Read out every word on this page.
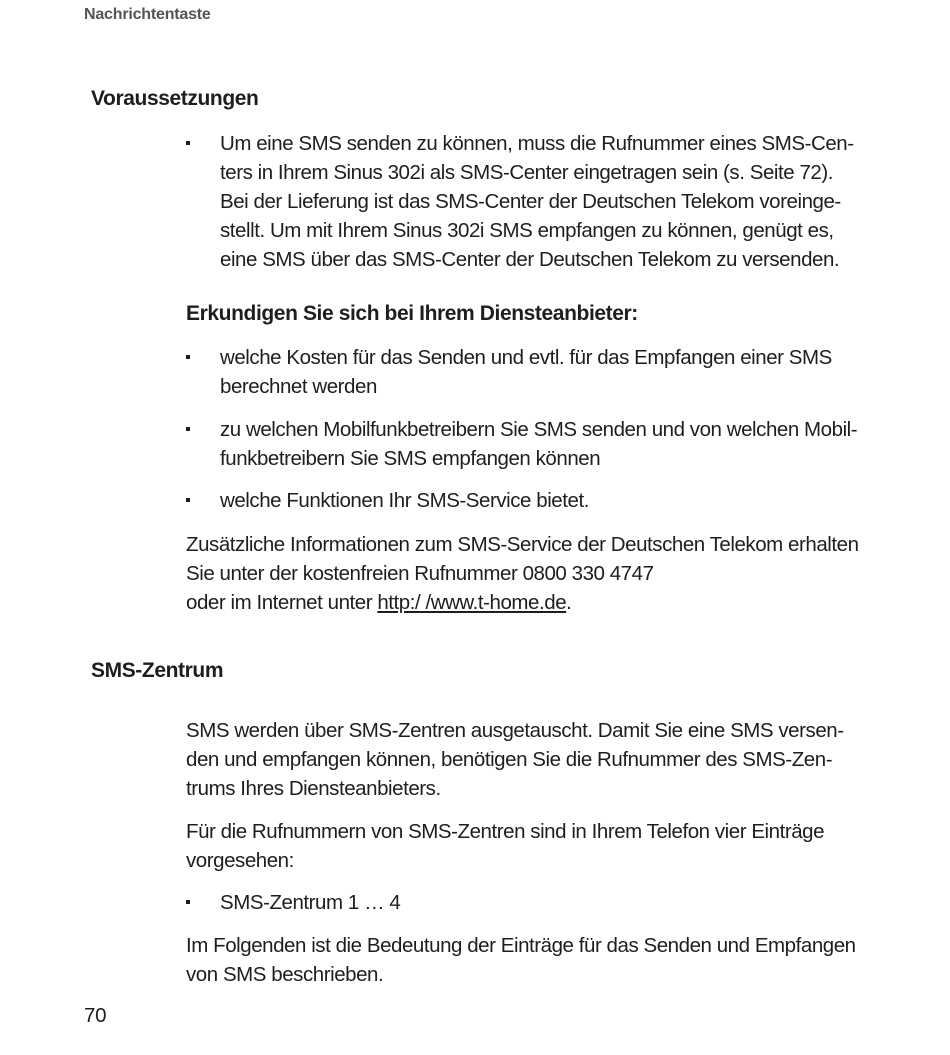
Nachrichtentaste
Voraussetzungen
Um eine SMS senden zu können, muss die Rufnummer eines SMS-Cen-
ters in Ihrem Sinus 302i als SMS-Center eingetragen sein (s. Seite 72).
Bei der Lieferung ist das SMS-Center der Deutschen Telekom voreinge-
stellt. Um mit Ihrem Sinus 302i SMS empfangen zu können, genügt es,
eine SMS über das SMS-Center der Deutschen Telekom zu versenden.
Erkundigen Sie sich bei Ihrem Diensteanbieter:
welche Kosten für das Senden und evtl. für das Empfangen einer SMS
berechnet werden
zu welchen Mobilfunkbetreibern Sie SMS senden und von welchen Mobil-
funkbetreibern Sie SMS empfangen können
welche Funktionen Ihr SMS-Service bietet.

Zusätzliche Informationen zum SMS-Service der Deutschen Telekom erhalten
Sie unter der kostenfreien Rufnummer 0800 330 4747
oder im Internet unter http:/ /www.t-home.de.

SMS-Zentrum

SMS werden über SMS-Zentren ausgetauscht. Damit Sie eine SMS versen-
den und empfangen können, benötigen Sie die Rufnummer des SMS-Zen-
trums Ihres Diensteanbieters.

Für die Rufnummern von SMS-Zentren sind in Ihrem Telefon vier Einträge
vorgesehen:

SMS-Zentrum 1 … 4

Im Folgenden ist die Bedeutung der Einträge für das Senden und Empfangen
von SMS beschrieben.

70
